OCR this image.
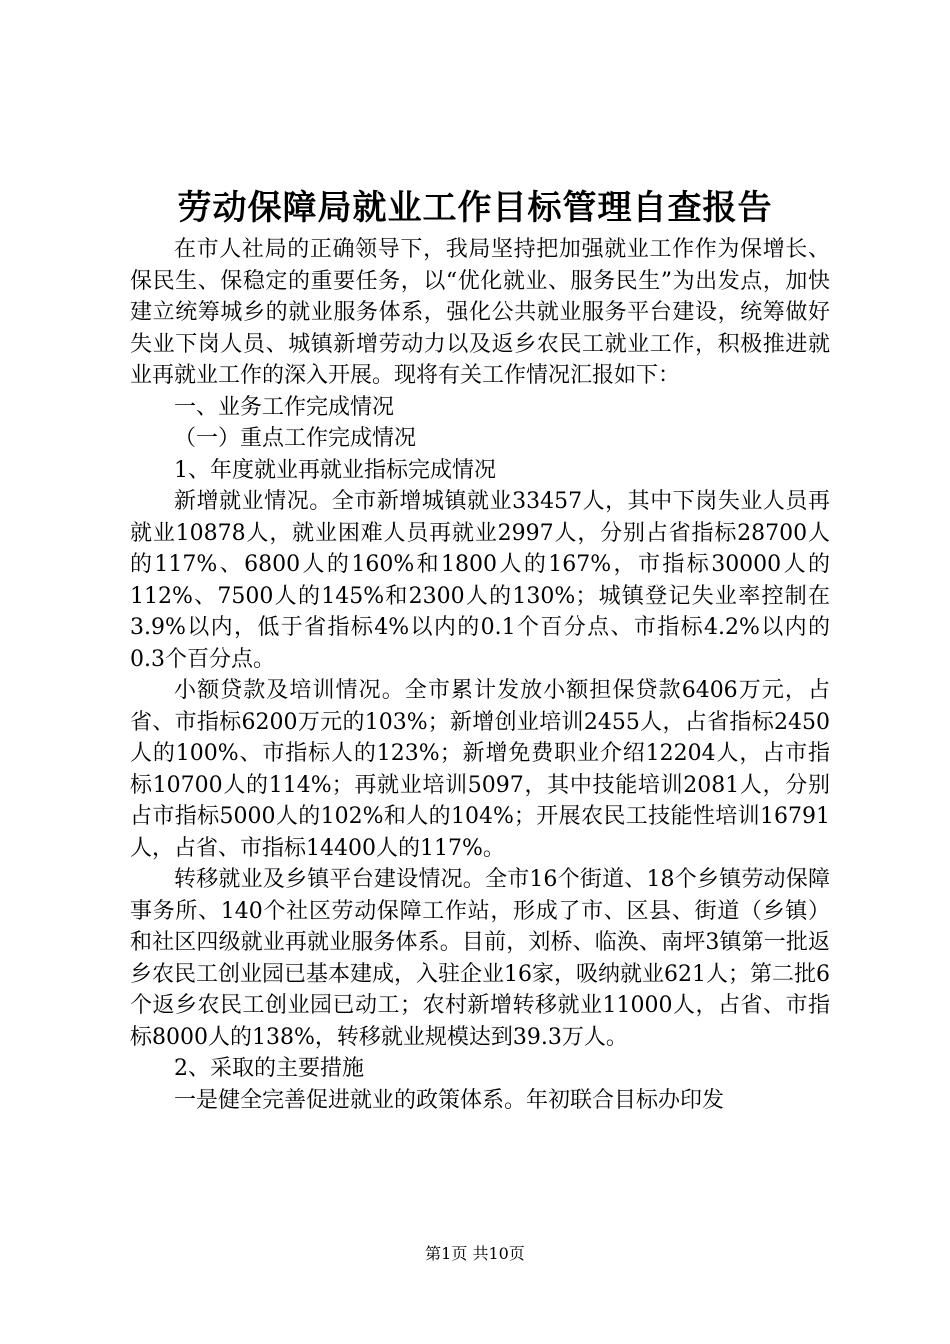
劳动保障局就业工作目标管理自查报告

在市人社局的正确领导下，我局坚持把加强就业工作作为保增长、保民生、保稳定的重要任务，以“优化就业、服务民生”为出发点，加快建立统筹城乡的就业服务体系，强化公共就业服务平台建设，统筹做好失业下岗人员、城镇新增劳动力以及返乡农民工就业工作，积极推进就业再就业工作的深入开展。现将有关工作情况汇报如下：

一、业务工作完成情况

（一）重点工作完成情况

1、年度就业再就业指标完成情况

新增就业情况。全市新增城镇就业33457人，其中下岗失业人员再就业10878人，就业困难人员再就业2997人，分别占省指标28700人的117%、6800人的160%和1800人的167%，市指标30000人的112%、7500人的145%和2300人的130%；城镇登记失业率控制在3.9%以内，低于省指标4%以内的0.1个百分点、市指标4.2%以内的0.3个百分点。

小额贷款及培训情况。全市累计发放小额担保贷款6406万元，占省、市指标6200万元的103%；新增创业培训2455人，占省指标2450人的100%、市指标人的123%；新增免费职业介绍12204人，占市指标10700人的114%；再就业培训5097，其中技能培训2081人，分别占市指标5000人的102%和人的104%；开展农民工技能性培训16791人，占省、市指标14400人的117%。

转移就业及乡镇平台建设情况。全市16个街道、18个乡镇劳动保障事务所、140个社区劳动保障工作站，形成了市、区县、街道（乡镇）和社区四级就业再就业服务体系。目前，刘桥、临涣、南坪3镇第一批返乡农民工创业园已基本建成，入驻企业16家，吸纳就业621人；第二批6个返乡农民工创业园已动工；农村新增转移就业11000人，占省、市指标8000人的138%，转移就业规模达到39.3万人。

2、采取的主要措施

一是健全完善促进就业的政策体系。年初联合目标办印发

第1页 共10页
